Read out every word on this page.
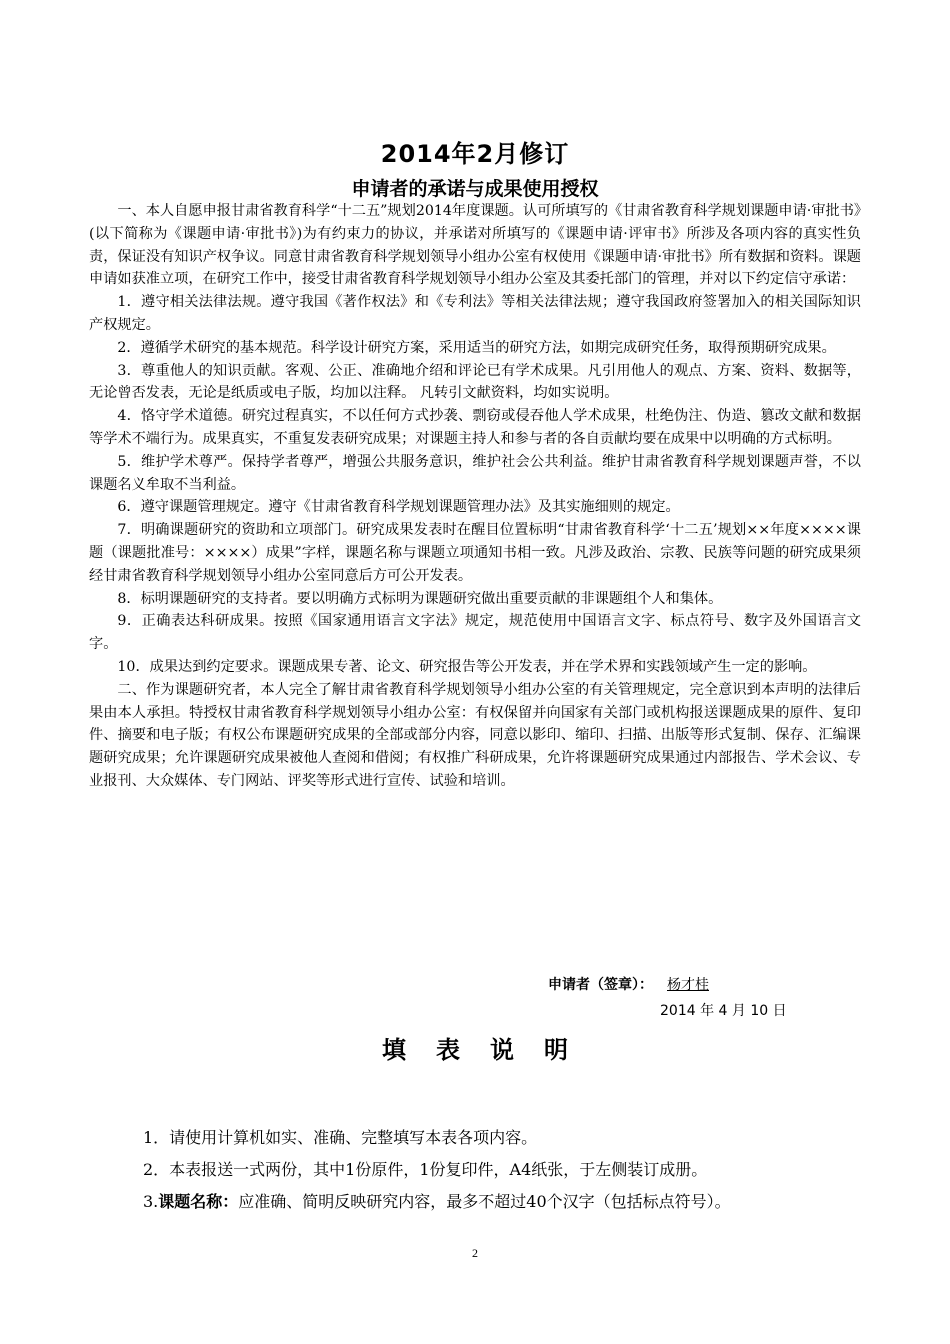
2014年2月修订
申请者的承诺与成果使用授权

一、本人自愿申报甘肃省教育科学“十二五”规划2014年度课题。认可所填写的《甘肃省教育科学规划课题申请·审批书》(以下简称为《课题申请·审批书》)为有约束力的协议，并承诺对所填写的《课题申请·评审书》所涉及各项内容的真实性负责，保证没有知识产权争议。同意甘肃省教育科学规划领导小组办公室有权使用《课题申请·审批书》所有数据和资料。课题申请如获准立项，在研究工作中，接受甘肃省教育科学规划领导小组办公室及其委托部门的管理，并对以下约定信守承诺：

1．遵守相关法律法规。遵守我国《著作权法》和《专利法》等相关法律法规；遵守我国政府签署加入的相关国际知识产权规定。

2．遵循学术研究的基本规范。科学设计研究方案，采用适当的研究方法，如期完成研究任务，取得预期研究成果。

3．尊重他人的知识贡献。客观、公正、准确地介绍和评论已有学术成果。凡引用他人的观点、方案、资料、数据等，无论曾否发表，无论是纸质或电子版，均加以注释。 凡转引文献资料，均如实说明。

4．恪守学术道德。研究过程真实，不以任何方式抄袭、剽窃或侵吞他人学术成果，杜绝伪注、伪造、篡改文献和数据等学术不端行为。成果真实，不重复发表研究成果；对课题主持人和参与者的各自贡献均要在成果中以明确的方式标明。

5．维护学术尊严。保持学者尊严，增强公共服务意识，维护社会公共利益。维护甘肃省教育科学规划课题声誉，不以课题名义牟取不当利益。

6．遵守课题管理规定。遵守《甘肃省教育科学规划课题管理办法》及其实施细则的规定。

7．明确课题研究的资助和立项部门。研究成果发表时在醒目位置标明“甘肃省教育科学‘十二五’规划××年度××××课题（课题批准号：××××）成果”字样，课题名称与课题立项通知书相一致。凡涉及政治、宗教、民族等问题的研究成果须经甘肃省教育科学规划领导小组办公室同意后方可公开发表。

8．标明课题研究的支持者。要以明确方式标明为课题研究做出重要贡献的非课题组个人和集体。

9．正确表达科研成果。按照《国家通用语言文字法》规定，规范使用中国语言文字、标点符号、数字及外国语言文字。

10．成果达到约定要求。课题成果专著、论文、研究报告等公开发表，并在学术界和实践领域产生一定的影响。

二、作为课题研究者，本人完全了解甘肃省教育科学规划领导小组办公室的有关管理规定，完全意识到本声明的法律后果由本人承担。特授权甘肃省教育科学规划领导小组办公室：有权保留并向国家有关部门或机构报送课题成果的原件、复印件、摘要和电子版；有权公布课题研究成果的全部或部分内容，同意以影印、缩印、扫描、出版等形式复制、保存、汇编课题研究成果；允许课题研究成果被他人查阅和借阅；有权推广科研成果，允许将课题研究成果通过内部报告、学术会议、专业报刊、大众媒体、专门网站、评奖等形式进行宣传、试验和培训。

申请者（签章）： 杨才桂
2014 年 4 月 10 日
填表说明

1．请使用计算机如实、准确、完整填写本表各项内容。

2．本表报送一式两份，其中1份原件，1份复印件，A4纸张，于左侧装订成册。

3.课题名称：应准确、简明反映研究内容，最多不超过40个汉字（包括标点符号）。

2
